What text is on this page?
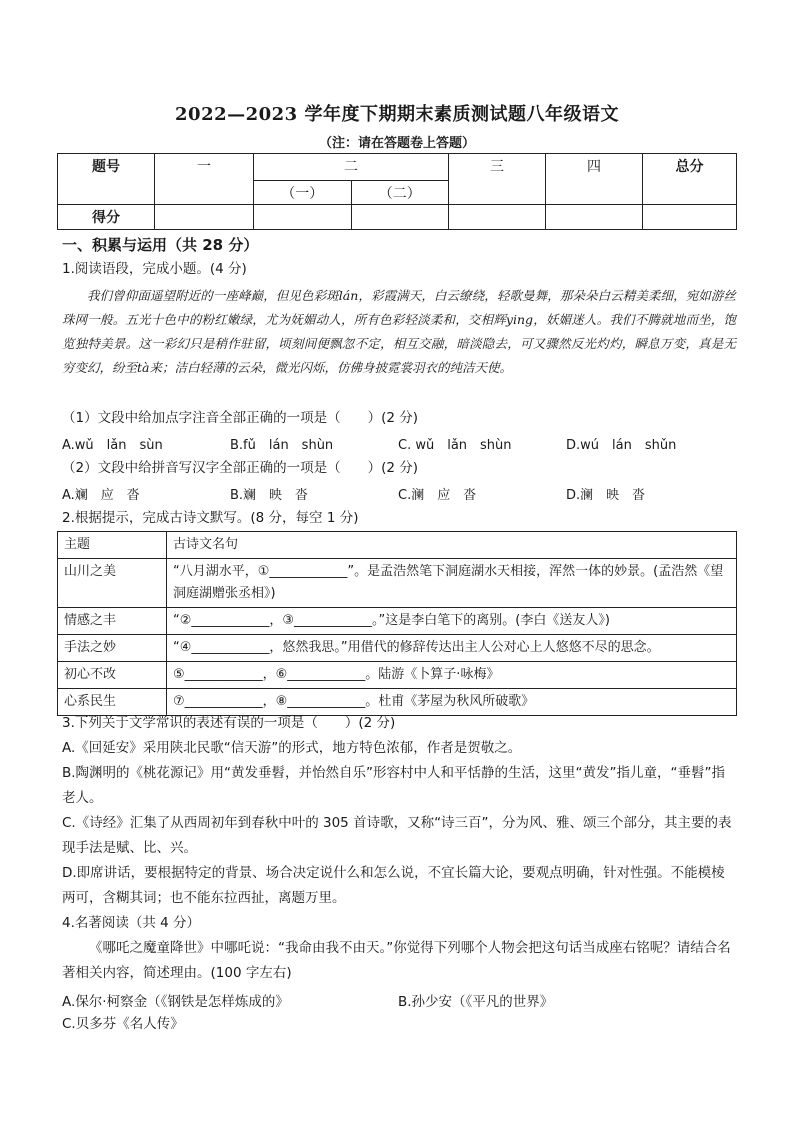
2022—2023 学年度下期期末素质测试题八年级语文
（注：请在答题卷上答题）
题号	一	二		三	四	总分
		（一）	（二）			
得分						
一、积累与运用（共 28 分）
1.阅读语段，完成小题。(4 分)
我们曾仰面遥望附近的一座峰巅，但见色彩斑lán，彩霞满天，白云缭绕，轻歌曼舞，那朵朵白云精美柔细，宛如游丝珠网一般。五光十色中的粉红嫩绿，尤为妩媚动人，所有色彩轻淡柔和，交相辉ying，妖媚迷人。我们不腾就地而坐，饱览独特美景。这一彩幻只是稍作驻留，顷刻间便飘忽不定，相互交融，暗淡隐去，可又骤然反光灼灼，瞬息万变，真是无穷变幻，纷至tà来；洁白轻薄的云朵，微光闪烁，仿佛身披霓裳羽衣的纯洁天使。
（1）文段中给加点字注音全部正确的一项是（　　）(2 分)
A.wǔ　lǎn　sùn	B.fǔ　lán　shùn	C. wǔ　lǎn　shùn	D.wú　lán　shǔn
（2）文段中给拼音写汉字全部正确的一项是（　　）(2 分)
A.斓　应　沓	B.斓　映　沓	C.澜　应　沓	D.澜　映　沓
2.根据提示，完成古诗文默写。(8 分，每空 1 分)
主题	古诗文名句
山川之美	“八月湖水平，①____________”。是孟浩然笔下洞庭湖水天相接，浑然一体的妙景。(孟浩然《望洞庭湖赠张丞相》)
情感之丰	“②____________，③____________。”这是李白笔下的离别。(李白《送友人》)
手法之妙	“④____________，悠然我思。”用借代的修辞传达出主人公对心上人悠悠不尽的思念。
初心不改	⑤____________，⑥____________。陆游《卜算子·咏梅》
心系民生	⑦____________，⑧____________。杜甫《茅屋为秋风所破歌》
3.下列关于文学常识的表述有误的一项是（　　）(2 分)
A.《回延安》采用陕北民歌“信天游”的形式，地方特色浓郁，作者是贺敬之。
B.陶渊明的《桃花源记》用“黄发垂髫，并怡然自乐”形容村中人和平恬静的生活，这里“黄发”指儿童，“垂髫”指老人。
C.《诗经》汇集了从西周初年到春秋中叶的 305 首诗歌，又称“诗三百”，分为风、雅、颂三个部分，其主要的表现手法是赋、比、兴。
D.即席讲话，要根据特定的背景、场合决定说什么和怎么说，不宜长篇大论，要观点明确，针对性强。不能模棱两可，含糊其词；也不能东拉西扯，离题万里。
4.名著阅读（共 4 分）
《哪吒之魔童降世》中哪吒说：“我命由我不由天。”你觉得下列哪个人物会把这句话当成座右铭呢？请结合名著相关内容，简述理由。(100 字左右)
A.保尔·柯察金（《钢铁是怎样炼成的》	B.孙少安（《平凡的世界》
C.贝多芬《名人传》
